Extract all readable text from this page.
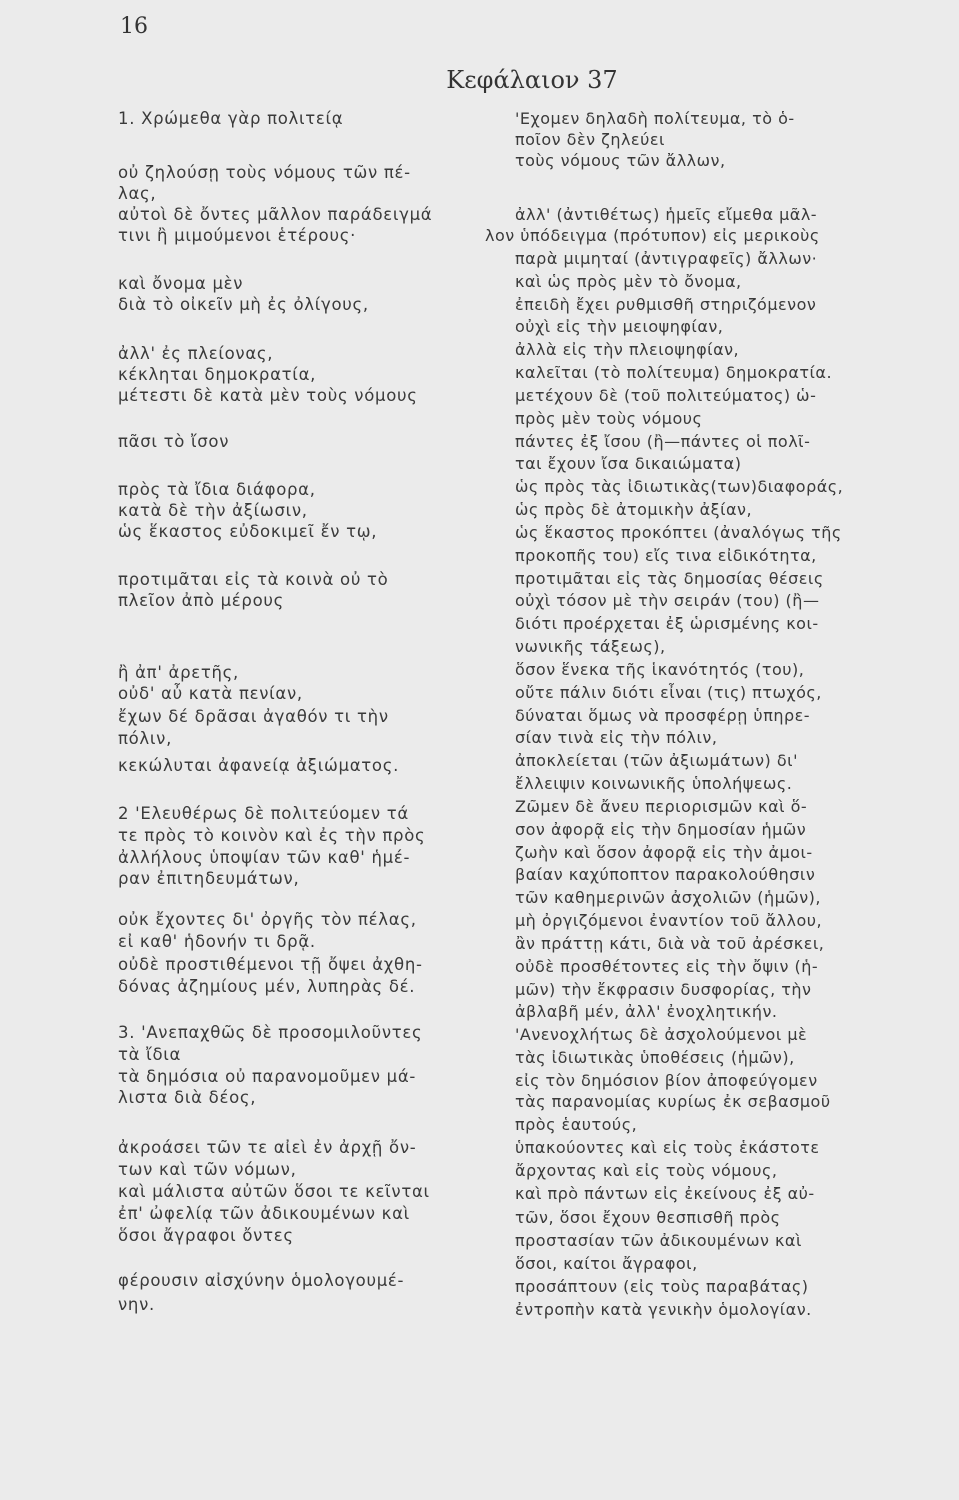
16
Κεφάλαιον 37
1. Χρώμεθα γὰρ πολιτείᾳ
οὐ ζηλούσῃ τοὺς νόμους τῶν πέ-
λας,
αὐτοὶ δὲ ὄντες μᾶλλον παράδειγμά
τινι ἢ μιμούμενοι ἑτέρους·
καὶ ὄνομα μὲν
διὰ τὸ οἰκεῖν μὴ ἐς ὀλίγους,
ἀλλ' ἐς πλείονας,
κέκληται δημοκρατία,
μέτεστι δὲ κατὰ μὲν τοὺς νόμους
πᾶσι τὸ ἴσον
πρὸς τὰ ἴδια διάφορα,
κατὰ δὲ τὴν ἀξίωσιν,
ὡς ἕκαστος εὐδοκιμεῖ ἔν τῳ,
προτιμᾶται εἰς τὰ κοινὰ οὐ τὸ
πλεῖον ἀπὸ μέρους
ἢ ἀπ' ἀρετῆς,
οὐδ' αὖ κατὰ πενίαν,
ἔχων δέ δρᾶσαι ἀγαθόν τι τὴν
πόλιν,
κεκώλυται ἀφανείᾳ ἀξιώματος.
2 'Ελευθέρως δὲ πολιτεύομεν τά
τε πρὸς τὸ κοινὸν καὶ ἐς τὴν πρὸς
ἀλλήλους ὑποψίαν τῶν καθ' ἡμέ-
ραν ἐπιτηδευμάτων,
οὐκ ἔχοντες δι' ὀργῆς τὸν πέλας,
εἰ καθ' ἡδονήν τι δρᾷ.
οὐδὲ προστιθέμενοι τῇ ὄψει ἀχθη-
δόνας ἀζημίους μέν, λυπηρὰς δέ.
3. 'Ανεπαχθῶς δὲ προσομιλοῦντες
τὰ ἴδια
τὰ δημόσια οὐ παρανομοῦμεν μά-
λιστα διὰ δέος,
ἀκροάσει τῶν τε αἰεὶ ἐν ἀρχῇ ὄν-
των καὶ τῶν νόμων,
καὶ μάλιστα αὐτῶν ὅσοι τε κεῖνται
ἐπ' ὠφελίᾳ τῶν ἀδικουμένων καὶ
ὅσοι ἄγραφοι ὄντες
φέρουσιν αἰσχύνην ὁμολογουμέ-
νην.
'Εχομεν δηλαδὴ πολίτευμα, τὸ ὁ-
ποῖον δὲν ζηλεύει
τοὺς νόμους τῶν ἄλλων,
ἀλλ' (ἀντιθέτως) ἡμεῖς εἴμεθα μᾶλ-
λον ὑπόδειγμα (πρότυπον) εἰς μερικοὺς
παρὰ μιμηταί (ἀντιγραφεῖς) ἄλλων·
καὶ ὡς πρὸς μὲν τὸ ὄνομα,
ἐπειδὴ ἔχει ρυθμισθῆ στηριζόμενον
οὐχὶ εἰς τὴν μειοψηφίαν,
ἀλλὰ εἰς τὴν πλειοψηφίαν,
καλεῖται (τὸ πολίτευμα) δημοκρατία.
μετέχουν δὲ (τοῦ πολιτεύματος) ὡ-
πρὸς μὲν τοὺς νόμους
πάντες ἐξ ἴσου (ἢ—πάντες οἱ πολῖ-
ται ἔχουν ἴσα δικαιώματα)
ὡς πρὸς τὰς ἰδιωτικὰς(των)διαφοράς,
ὡς πρὸς δὲ ἀτομικὴν ἀξίαν,
ὡς ἕκαστος προκόπτει (ἀναλόγως τῆς
προκοπῆς του) εἴς τινα εἰδικότητα,
προτιμᾶται εἰς τὰς δημοσίας θέσεις
οὐχὶ τόσον μὲ τὴν σειράν (του) (ἢ—
διότι προέρχεται ἐξ ὡρισμένης κοι-
νωνικῆς τάξεως),
ὅσον ἕνεκα τῆς ἱκανότητός (του),
οὔτε πάλιν διότι εἶναι (τις) πτωχός,
δύναται ὅμως νὰ προσφέρῃ ὑπηρε-
σίαν τινὰ εἰς τὴν πόλιν,
ἀποκλείεται (τῶν ἀξιωμάτων) δι'
ἔλλειψιν κοινωνικῆς ὑπολήψεως.
Ζῶμεν δὲ ἄνευ περιορισμῶν καὶ ὅ-
σον ἀφορᾷ εἰς τὴν δημοσίαν ἡμῶν
ζωὴν καὶ ὅσον ἀφορᾷ εἰς τὴν ἀμοι-
βαίαν καχύποπτον παρακολούθησιν
τῶν καθημερινῶν ἀσχολιῶν (ἡμῶν),
μὴ ὀργιζόμενοι ἐναντίον τοῦ ἄλλου,
ἂν πράττῃ κάτι, διὰ νὰ τοῦ ἀρέσκει,
οὐδὲ προσθέτοντες εἰς τὴν ὄψιν (ἡ-
μῶν) τὴν ἔκφρασιν δυσφορίας, τὴν
ἀβλαβῆ μέν, ἀλλ' ἐνοχλητικήν.
'Ανενοχλήτως δὲ ἀσχολούμενοι μὲ
τὰς ἰδιωτικὰς ὑποθέσεις (ἡμῶν),
εἰς τὸν δημόσιον βίον ἀποφεύγομεν
τὰς παρανομίας κυρίως ἐκ σεβασμοῦ
πρὸς ἑαυτούς,
ὑπακούοντες καὶ εἰς τοὺς ἑκάστοτε
ἄρχοντας καὶ εἰς τοὺς νόμους,
καὶ πρὸ πάντων εἰς ἐκείνους ἐξ αὐ-
τῶν, ὅσοι ἔχουν θεσπισθῆ πρὸς
προστασίαν τῶν ἀδικουμένων καὶ
ὅσοι, καίτοι ἄγραφοι,
προσάπτουν (εἰς τοὺς παραβάτας)
ἐντροπὴν κατὰ γενικὴν ὁμολογίαν.
